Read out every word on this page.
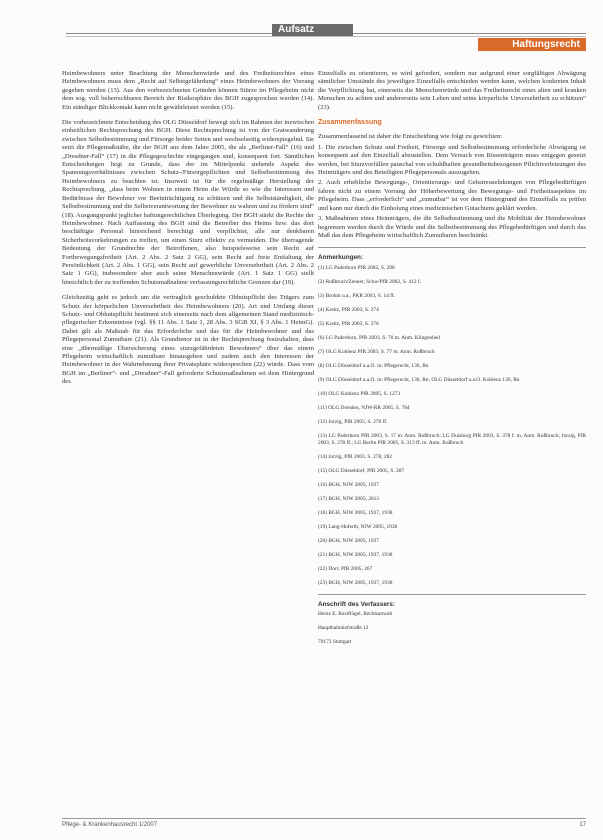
Aufsatz
Haftungsrecht

Heimbewohners unter Beachtung der Menschenwürde und des Freiheitsrechtes eines Heimbewohners muss dem „Recht auf Selbstgefährdung“ eines Heimbewohners der Vorrang gegeben werden (13). Aus den vorbezeichneten Gründen können Stürze im Pflegeheim nicht dem sog. voll beherrschbaren Bereich der Risikosphäre des BGH zugesprochen werden (14). Ein ständiger Blickkontakt kann nicht gewährleistet werden (15).

Die vorbezeichnete Entscheidung des OLG Düsseldorf bewegt sich im Rahmen der inzwischen einheitlichen Rechtsprechung des BGH. Diese Rechtsprechung ist von der Gratwanderung zwischen Selbstbestimmung und Fürsorge beider Seiten und wechselseitig widerspiegelnd. Sie setzt die Pflegemaßstäbe, die der BGH aus dem Jahre 2005, die als „Berliner-Fall“ (16) und „Dresdner-Fall“ (17) in die Pflegegeschichte eingegangen sind, konsequent fort. Sämtlichen Entscheidungen liegt zu Grunde, dass der im Mittelpunkt stehende Aspekt des Spannungsverhältnisses zwischen Schutz-/Fürsorgepflichten und Selbstbestimmung des Heimbewohners zu beachten ist. Insoweit ist für die regelmäßige Herstellung der Rechtsprechung, „dass beim Wohnen in einem Heim die Würde so wie die Interessen und Bedürfnisse der Bewohner vor Beeinträchtigung zu schützen und die Selbstständigkeit, die Selbstbestimmung und die Selbstverantwortung der Bewohner zu wahren und zu fördern sind“ (18). Ausgangspunkt jeglicher haftungsrechtlichen Überlegung. Der BGH stärkt die Rechte der Heimbewohner. Nach Auffassung des BGH sind die Betreiber des Heims bzw. das dort beschäftigte Personal hinreichend berechtigt und verpflichtet, alle nur denkbaren Sicherheitsvorkehrungen zu treffen, um einen Sturz effektiv zu vermeiden. Die überragende Bedeutung der Grundrechte der Betroffenen, also beispielsweise sein Recht auf Fortbewegungsfreiheit (Art. 2 Abs. 2 Satz 2 GG), sein Recht auf freie Entfaltung der Persönlichkeit (Art. 2 Abs. 1 GG), sein Recht auf gewerbliche Unversehrtheit (Art. 2 Abs. 2 Satz 1 GG), insbesondere aber auch seine Menschenwürde (Art. 1 Satz 1 GG) stellt hinsichtlich der zu treffenden Schutzmaßnahme verfassungsrechtliche Grenzen dar (19).

Gleichzeitig geht es jedoch um die vertraglich geschuldete Obhutspflicht des Trägers zum Schutz der körperlichen Unversehrtheit des Heimbewohners (20). Art und Umfang dieser Schutz- und Obhutspflicht bestimmt sich einerseits nach dem allgemeinen Stand medizinisch-pflegerischer Erkenntnisse (vgl. §§ 11 Abs. 1 Satz 1, 28 Abs. 3 SGB XI, § 3 Abs. 1 HeimG). Dabei gilt als Maßstab für das Erforderliche und das für die Heimbewohner und das Pflegepersonal Zumutbare (21). Als Grundtenor ist in der Rechtsprechung festzuhalten, dass eine „übermäßige Übersicherung eines sturzgefährdeten Bewohners“ über das einem Pflegeheim wirtschaftlich zumutbare hinausgehen und zudem auch den Interessen der Heimbewohner in der Wahrnehmung ihrer Privatsphäre widersprechen (22) würde. Dass vom BGH im „Berliner“- und „Dresdner“-Fall geforderte Schutzmaßnahmen sei dem Hintergrund des

Einzelfalls zu orientieren, es wird gefordert, sondern nur aufgrund einer sorgfältigen Abwägung sämtlicher Umstände des jeweiligen Einzelfalls entschieden werden kann, welchen konkreten Inhalt die Verpflichtung hat, einerseits die Menschenwürde und das Freiheitsrecht eines alten und kranken Menschen zu achten und andererseits sein Leben und seine körperliche Unversehrtheit zu schützen“ (23).

Zusammenfassung

Zusammenfassend ist daher die Entscheidung wie folgt zu gewichten:

1. Die zwischen Schutz und Freiheit, Fürsorge und Selbstbestimmung erforderliche Abwägung ist konsequent auf den Einzelfall abzustellen. Dem Versuch von Rissenträgern muss entgegen gesetzt werden, bei Sturzvorfällen pauschal von schuldhaften gesundheitsbezogenen Pflichtverletzungen des Heimträgers und des Beteiligten Pflegepersonals auszugehen.

2. Auch erhebliche Bewegungs-, Orientierungs- und Gehstreuselnkungen von Pflegebedürftigen fahren nicht zu einem Vorrang der Höherbewertung des Bewegungs- und Freiheitsaspektes im Pflegeheim. Dass „erforderlich“ und „zumutbar“ ist vor dem Hintergrund des Einzelfalls zu prüfen und kann nur durch die Einholung eines medizinischen Gutachtens geklärt werden.

3. Maßnahmen eines Heimträgers, die die Selbstbestimmung und die Mobilität der Heimbewohner begrenzen werden durch die Würde und die Selbstbestimmung des Pflegebedürftigen und durch das Maß das dem Pflegeheim wirtschaftlich Zumutbaren beschränkt.

Anmerkungen:

(1) LG Paderborn PfR 2002, S. 298

(2) Roßbruch/Zenner, Schw/PfR 2002, S. 412 f.

(3) Brohm u.a., PKR 2003, S. 14 ff.

(4) Kreitz, PfR 2003, S. 274

(5) Kreitz, PfR 2003, S. 276

(6) LG Paderborn, PfR 2003, S. 70 m. Anm. Klingenbeil

(7) OLG Koblenz PfR 2003, S. 77 m. Anm. Roßbruch

(8) OLG Düsseldorf a.a.O. in: Pflegerecht, 136, Rn

(9) OLG Düsseldorf a.a.O. in: Pflegerecht, 136, Rn; OLG Düsseldorf a.a.O. Koblenz 136, Rn

(10) OLG Koblenz PfR 2005, S. 1273

(11) OLG Dresden, NJW-RR 2005, S. 784

(12) Jorzig, PfR 2003, S. 278 ff.

(13) LG Paderborn PfR 2003, S. 17 m. Anm. Roßbruch; LG Duisburg PfR 2003, S. 378 f. m. Anm. Roßbruch; Jorzig, PfR 2003, S. 278 ff.; LG Berlin PfR 2005, S. 313 ff. m. Anm. Roßbruch

(14) Jorzig, PfR 2003, S. 278, 282

(15) OLG Düsseldorf, PfR 2005, S. 287

(16) BGH, NJW 2005, 1937

(17) BGH, NJW 2005, 2613

(18) BGH, NJW 2005, 1937, 1938

(19) Lang-Hoferth, NJW 2005, 1938

(20) BGH, NJW 2005, 1937

(21) BGH, NJW 2005, 1937, 1938

(22) Dorr, PfR 2005, 267

(23) BGH, NJW 2005, 1937, 1938

Anschrift des Verfassers:

Heinz E. Rustflügel, Rechtsanwalt

Hauptbahnhofstraße 12

70173 Stuttgart

Pflege- & Krankenhausrecht 1/2007	17
